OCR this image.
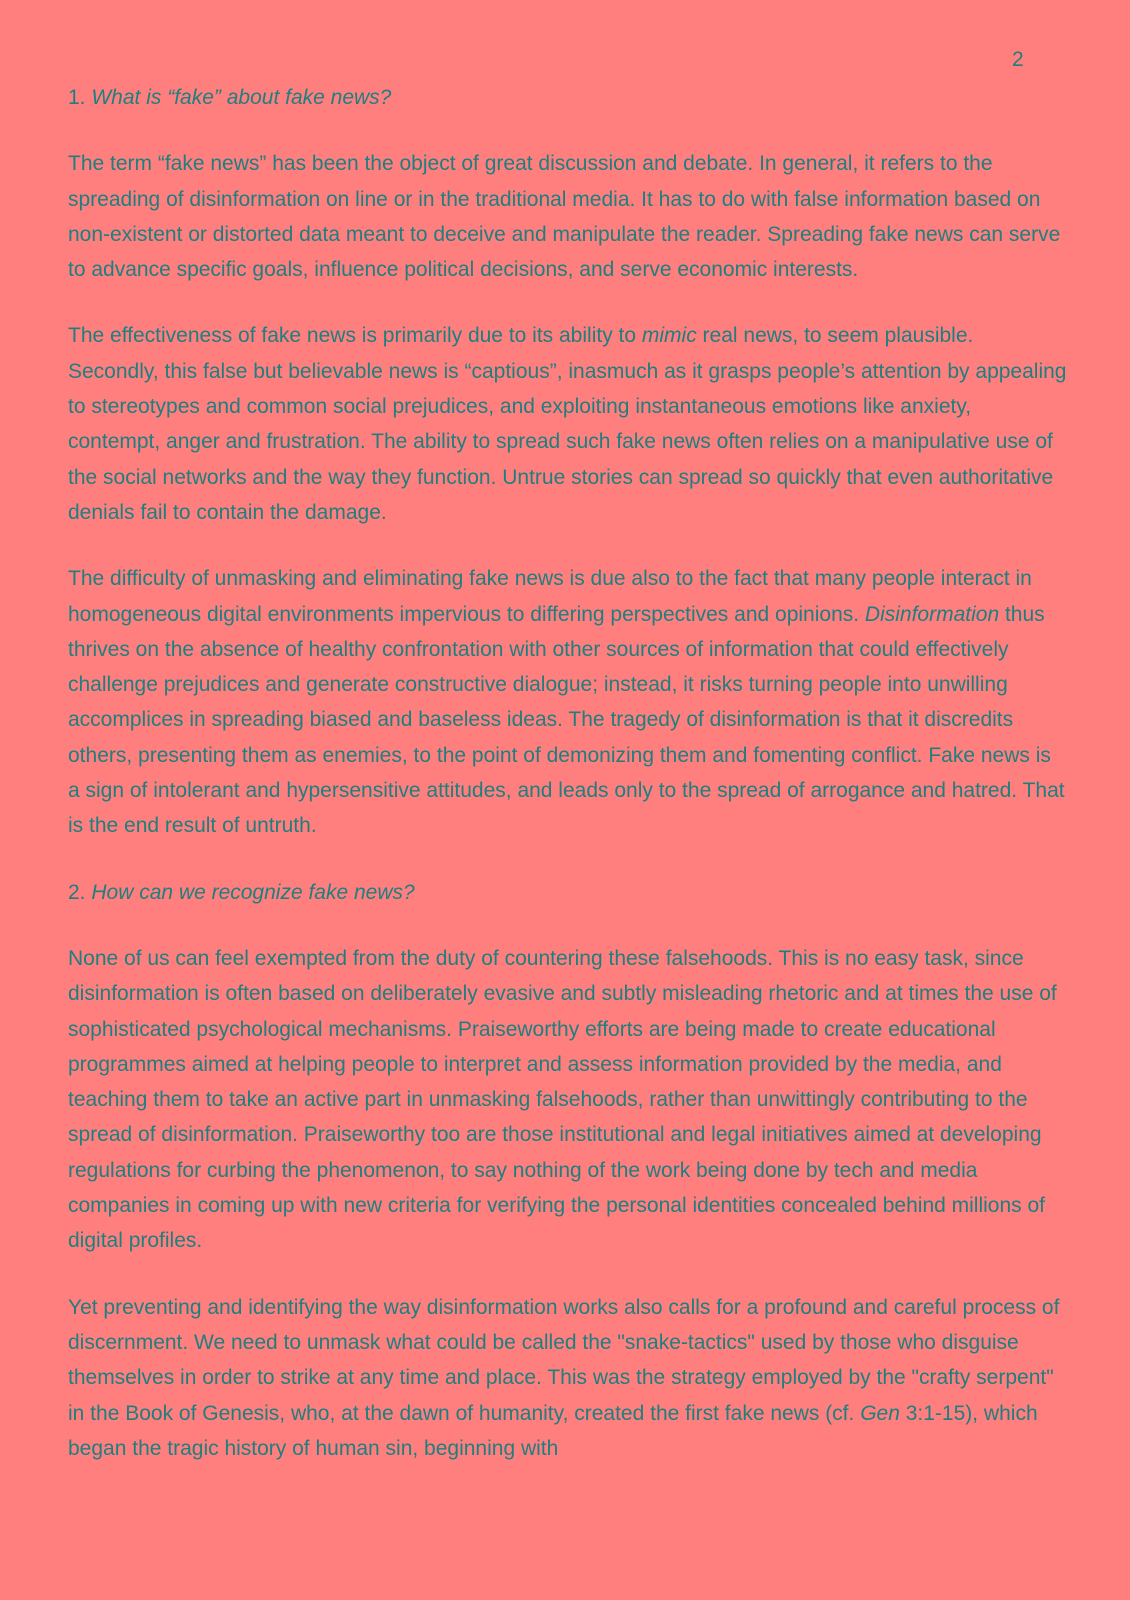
2
1. What is “fake” about fake news?

The term “fake news” has been the object of great discussion and debate. In general, it refers to the spreading of disinformation on line or in the traditional media. It has to do with false information based on non-existent or distorted data meant to deceive and manipulate the reader. Spreading fake news can serve to advance specific goals, influence political decisions, and serve economic interests.

The effectiveness of fake news is primarily due to its ability to mimic real news, to seem plausible. Secondly, this false but believable news is “captious”, inasmuch as it grasps people’s attention by appealing to stereotypes and common social prejudices, and exploiting instantaneous emotions like anxiety, contempt, anger and frustration. The ability to spread such fake news often relies on a manipulative use of the social networks and the way they function. Untrue stories can spread so quickly that even authoritative denials fail to contain the damage.

The difficulty of unmasking and eliminating fake news is due also to the fact that many people interact in homogeneous digital environments impervious to differing perspectives and opinions. Disinformation thus thrives on the absence of healthy confrontation with other sources of information that could effectively challenge prejudices and generate constructive dialogue; instead, it risks turning people into unwilling accomplices in spreading biased and baseless ideas. The tragedy of disinformation is that it discredits others, presenting them as enemies, to the point of demonizing them and fomenting conflict. Fake news is a sign of intolerant and hypersensitive attitudes, and leads only to the spread of arrogance and hatred. That is the end result of untruth.

2. How can we recognize fake news?

None of us can feel exempted from the duty of countering these falsehoods. This is no easy task, since disinformation is often based on deliberately evasive and subtly misleading rhetoric and at times the use of sophisticated psychological mechanisms. Praiseworthy efforts are being made to create educational programmes aimed at helping people to interpret and assess information provided by the media, and teaching them to take an active part in unmasking falsehoods, rather than unwittingly contributing to the spread of disinformation. Praiseworthy too are those institutional and legal initiatives aimed at developing regulations for curbing the phenomenon, to say nothing of the work being done by tech and media companies in coming up with new criteria for verifying the personal identities concealed behind millions of digital profiles.

Yet preventing and identifying the way disinformation works also calls for a profound and careful process of discernment. We need to unmask what could be called the "snake-tactics" used by those who disguise themselves in order to strike at any time and place. This was the strategy employed by the "crafty serpent" in the Book of Genesis, who, at the dawn of humanity, created the first fake news (cf. Gen 3:1-15), which began the tragic history of human sin, beginning with
